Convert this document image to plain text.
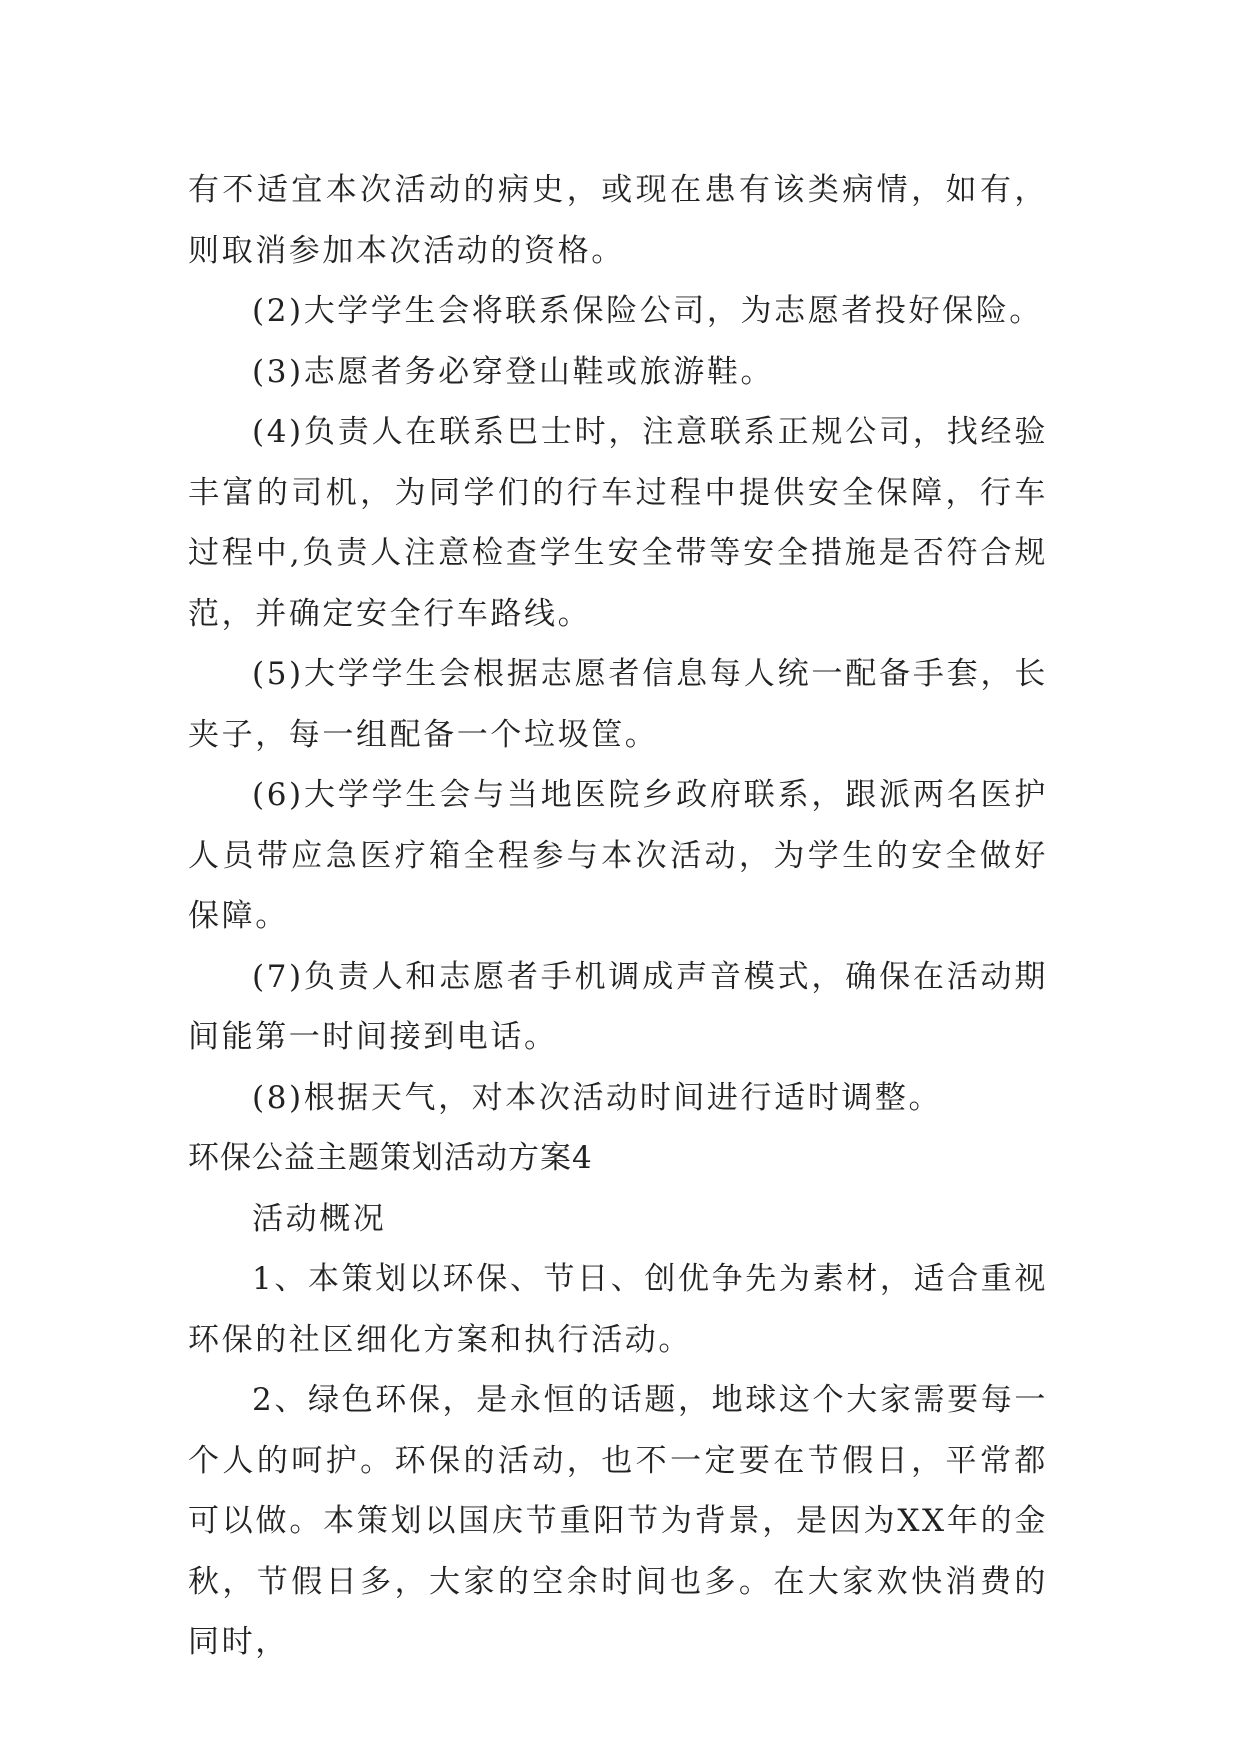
有不适宜本次活动的病史，或现在患有该类病情，如有，则取消参加本次活动的资格。

(2)大学学生会将联系保险公司，为志愿者投好保险。

(3)志愿者务必穿登山鞋或旅游鞋。

(4)负责人在联系巴士时，注意联系正规公司，找经验丰富的司机，为同学们的行车过程中提供安全保障，行车过程中,负责人注意检查学生安全带等安全措施是否符合规范，并确定安全行车路线。

(5)大学学生会根据志愿者信息每人统一配备手套，长夹子，每一组配备一个垃圾筐。

(6)大学学生会与当地医院乡政府联系，跟派两名医护人员带应急医疗箱全程参与本次活动，为学生的安全做好保障。

(7)负责人和志愿者手机调成声音模式，确保在活动期间能第一时间接到电话。

(8)根据天气，对本次活动时间进行适时调整。

环保公益主题策划活动方案4

活动概况

1、本策划以环保、节日、创优争先为素材，适合重视环保的社区细化方案和执行活动。

2、绿色环保，是永恒的话题，地球这个大家需要每一个人的呵护。环保的活动，也不一定要在节假日，平常都可以做。本策划以国庆节重阳节为背景，是因为XX年的金秋，节假日多，大家的空余时间也多。在大家欢快消费的同时，
